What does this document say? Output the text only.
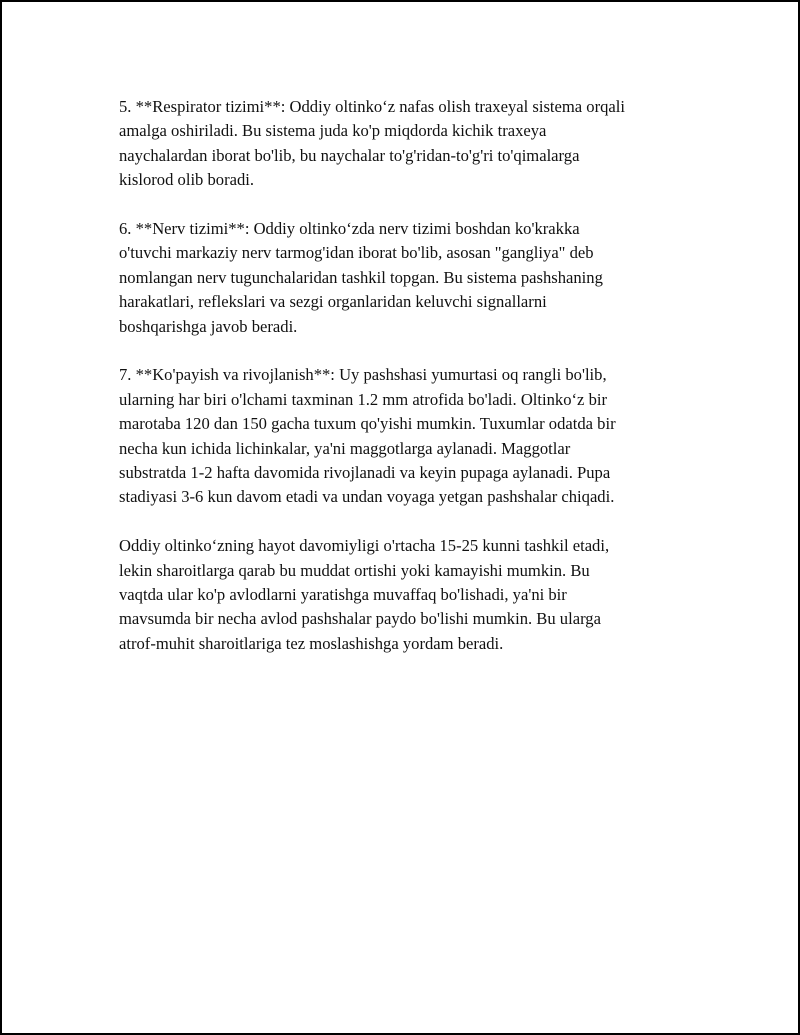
5. **Respirator tizimi**: Oddiy oltinko‘z nafas olish traxeyal sistema orqali
amalga oshiriladi. Bu sistema juda ko'p miqdorda kichik traxeya
naychalardan iborat bo'lib, bu naychalar to'g'ridan-to'g'ri to'qimalarga
kislorod olib boradi.

6. **Nerv tizimi**: Oddiy oltinko‘zda nerv tizimi boshdan ko'krakka
o'tuvchi markaziy nerv tarmog'idan iborat bo'lib, asosan "gangliya" deb
nomlangan nerv tugunchalaridan tashkil topgan. Bu sistema pashshaning
harakatlari, reflekslari va sezgi organlaridan keluvchi signallarni
boshqarishga javob beradi.

7. **Ko'payish va rivojlanish**: Uy pashshasi yumurtasi oq rangli bo'lib,
ularning har biri o'lchami taxminan 1.2 mm atrofida bo'ladi. Oltinko‘z bir
marotaba 120 dan 150 gacha tuxum qo'yishi mumkin. Tuxumlar odatda bir
necha kun ichida lichinkalar, ya'ni maggotlarga aylanadi. Maggotlar
substratda 1-2 hafta davomida rivojlanadi va keyin pupaga aylanadi. Pupa
stadiyasi 3-6 kun davom etadi va undan voyaga yetgan pashshalar chiqadi.

Oddiy oltinko‘zning hayot davomiyligi o'rtacha 15-25 kunni tashkil etadi,
lekin sharoitlarga qarab bu muddat ortishi yoki kamayishi mumkin. Bu
vaqtda ular ko'p avlodlarni yaratishga muvaffaq bo'lishadi, ya'ni bir
mavsumda bir necha avlod pashshalar paydo bo'lishi mumkin. Bu ularga
atrof-muhit sharoitlariga tez moslashishga yordam beradi.
